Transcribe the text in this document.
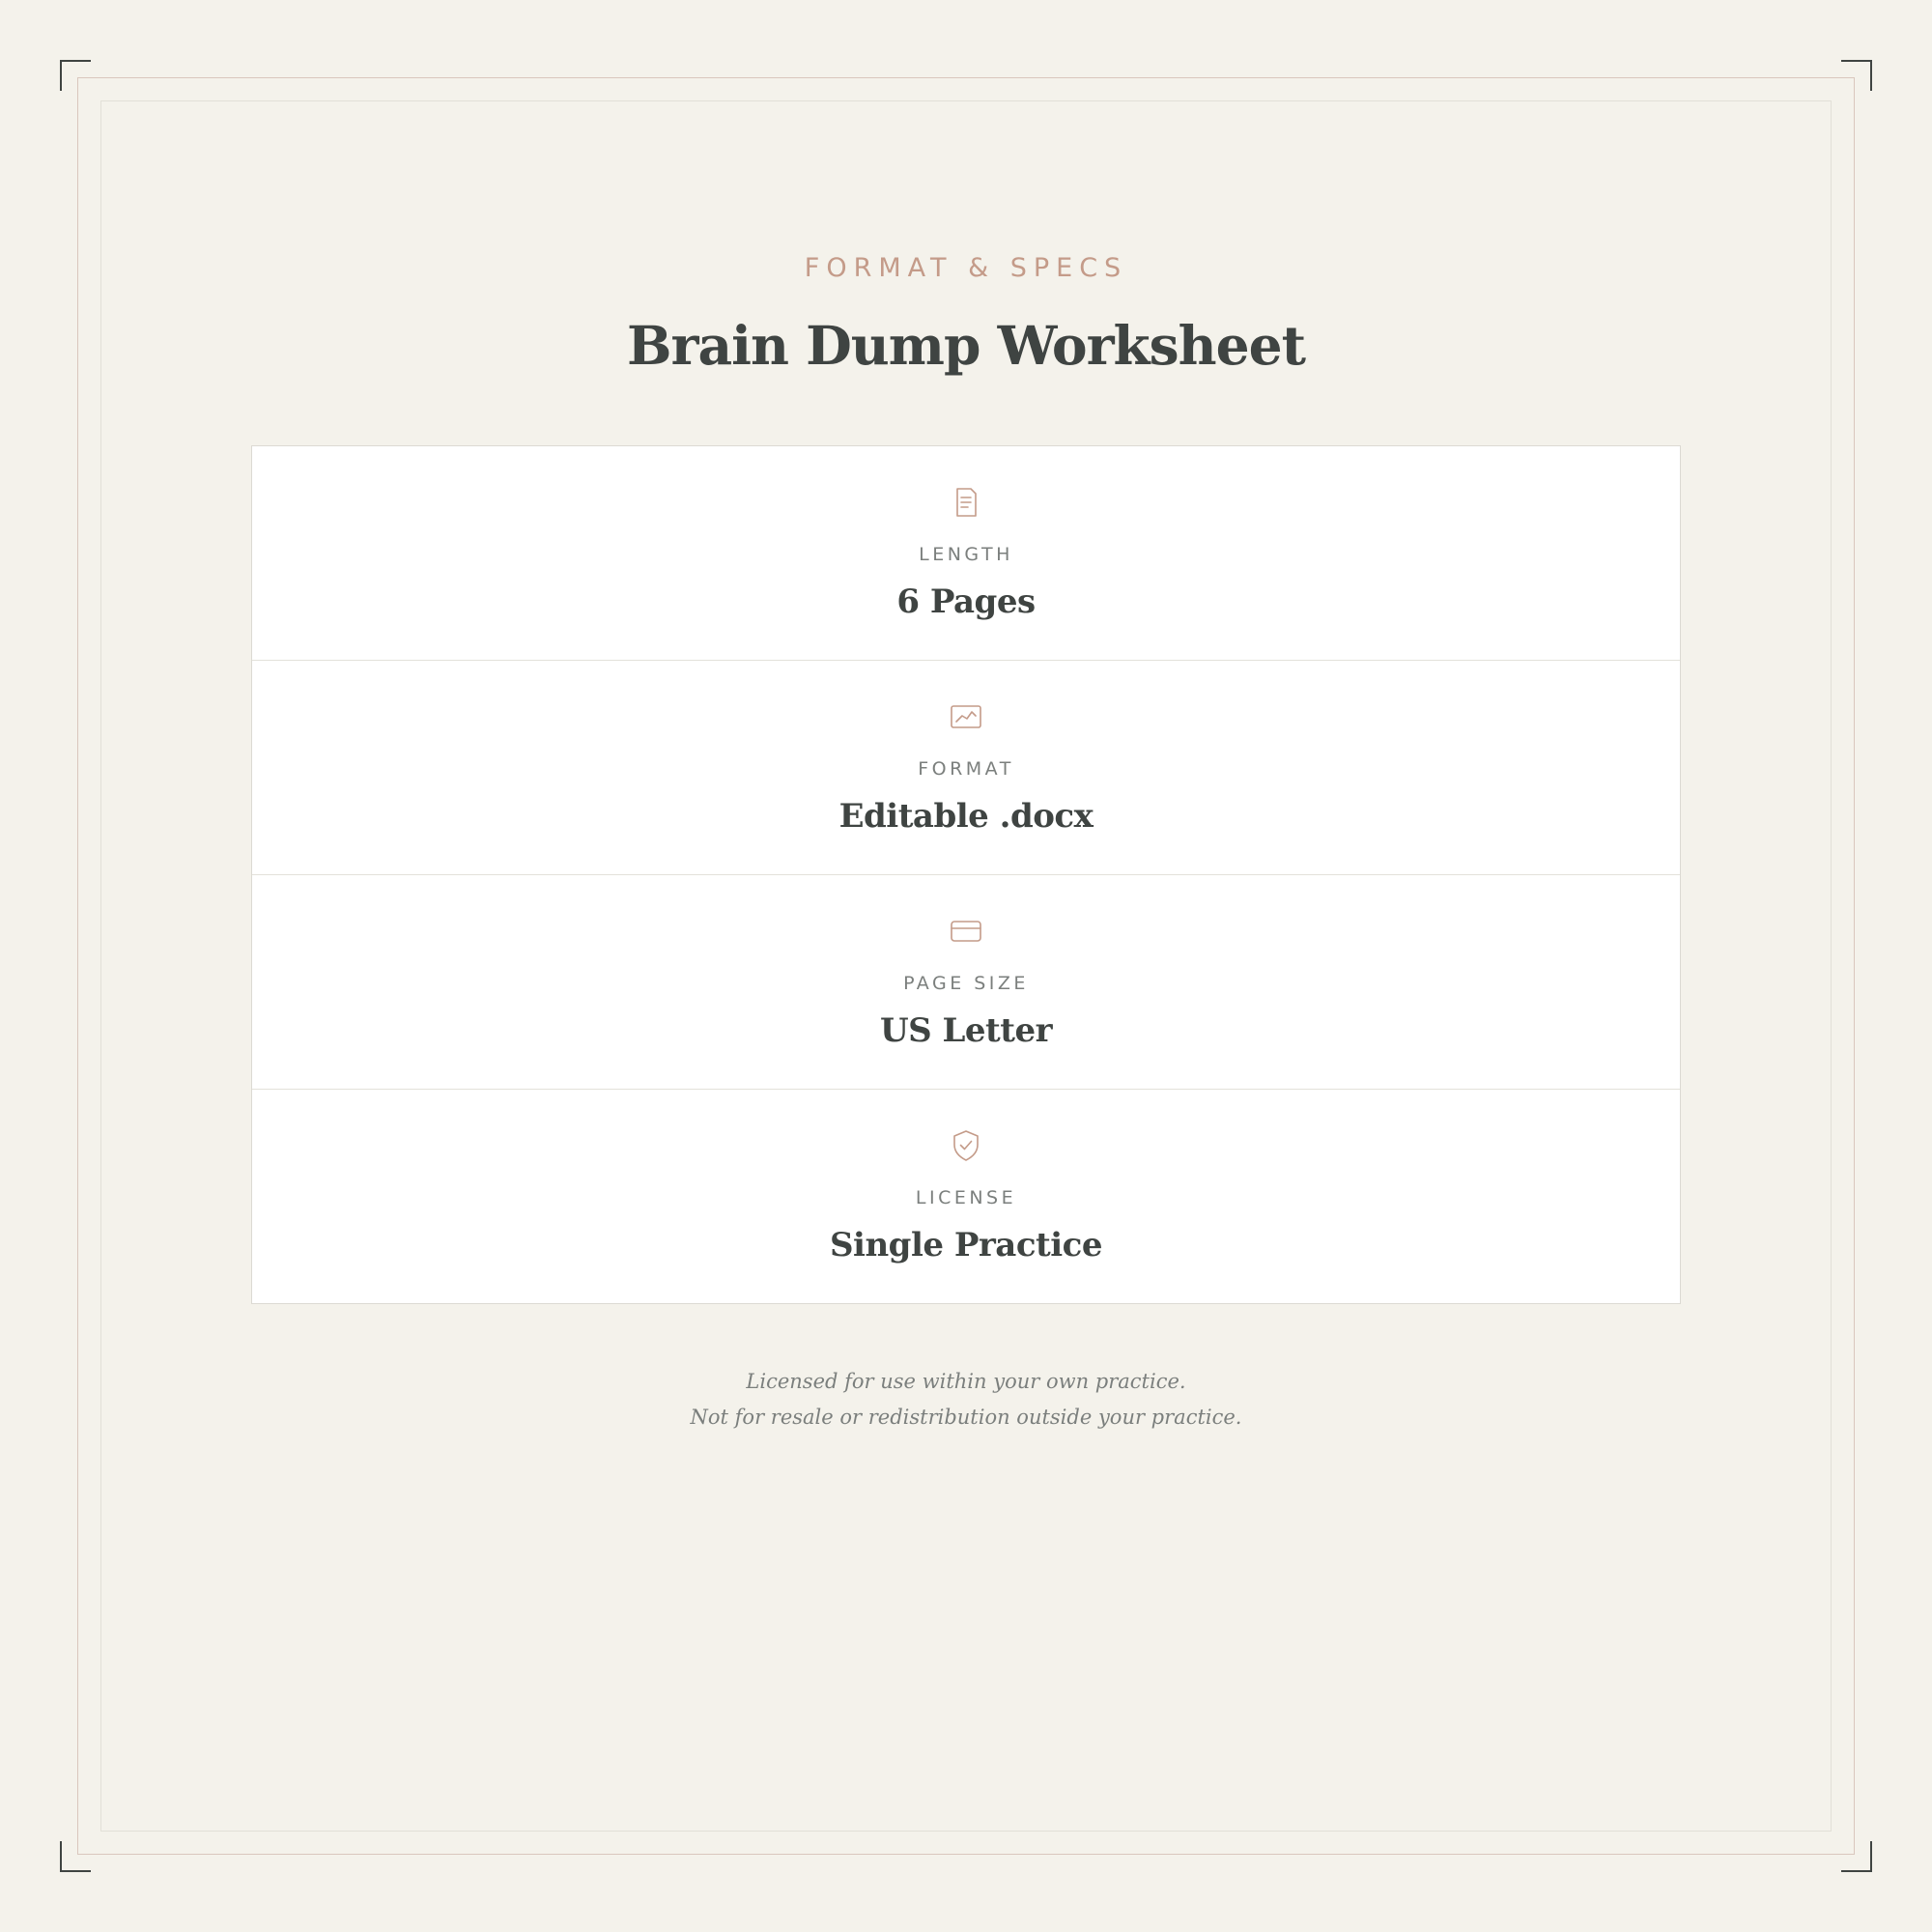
FORMAT & SPECS
Brain Dump Worksheet
LENGTH
6 Pages
FORMAT
Editable .docx
PAGE SIZE
US Letter
LICENSE
Single Practice
Licensed for use within your own practice.
Not for resale or redistribution outside your practice.
